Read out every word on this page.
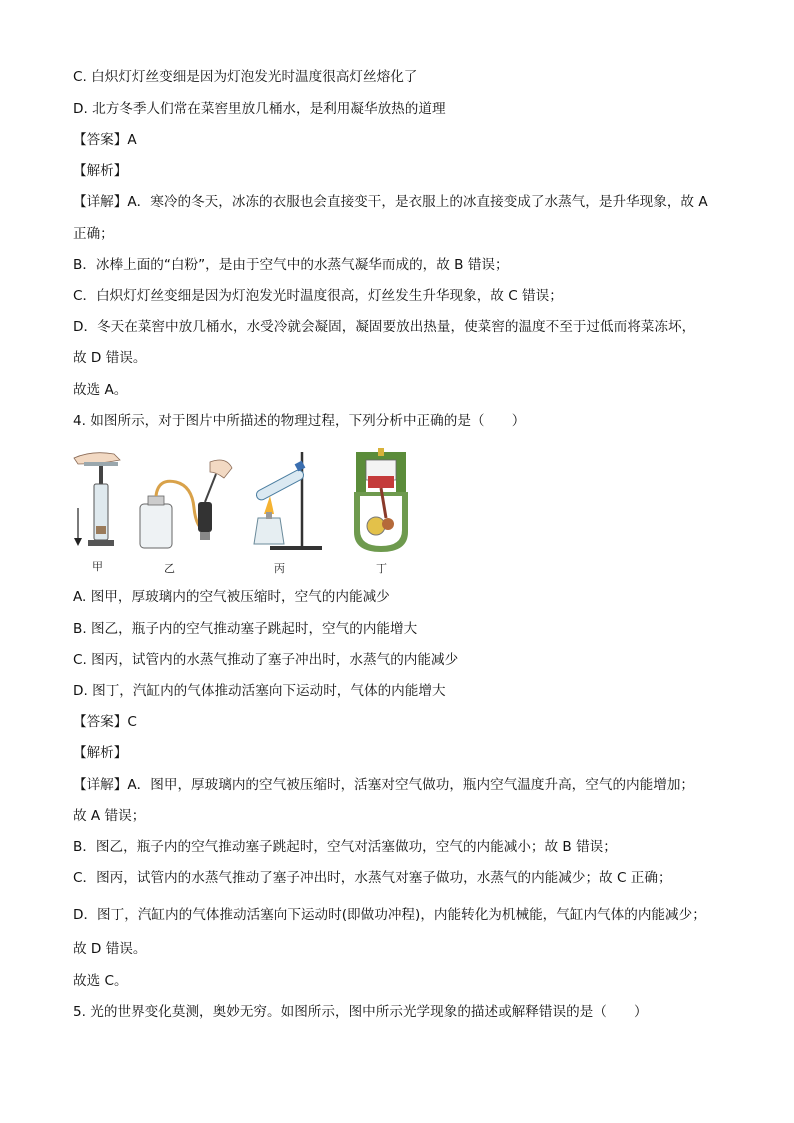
C. 白炽灯灯丝变细是因为灯泡发光时温度很高灯丝熔化了
D. 北方冬季人们常在菜窖里放几桶水，是利用凝华放热的道理
【答案】A
【解析】
【详解】A．寒冷的冬天，冰冻的衣服也会直接变干，是衣服上的冰直接变成了水蒸气，是升华现象，故 A
正确；
B．冰棒上面的“白粉”，是由于空气中的水蒸气凝华而成的，故 B 错误；
C．白炽灯灯丝变细是因为灯泡发光时温度很高，灯丝发生升华现象，故 C 错误；
D．冬天在菜窖中放几桶水，水受冷就会凝固，凝固要放出热量，使菜窖的温度不至于过低而将菜冻坏，
故 D 错误。
故选 A。
4. 如图所示，对于图片中所描述的物理过程，下列分析中正确的是（　　）
甲	乙	丙	丁
A. 图甲，厚玻璃内的空气被压缩时，空气的内能减少
B. 图乙，瓶子内的空气推动塞子跳起时，空气的内能增大
C. 图丙，试管内的水蒸气推动了塞子冲出时，水蒸气的内能减少
D. 图丁，汽缸内的气体推动活塞向下运动时，气体的内能增大
【答案】C
【解析】
【详解】A．图甲，厚玻璃内的空气被压缩时，活塞对空气做功，瓶内空气温度升高，空气的内能增加；
故 A 错误；
B．图乙，瓶子内的空气推动塞子跳起时，空气对活塞做功，空气的内能减小；故 B 错误；
C．图丙，试管内的水蒸气推动了塞子冲出时，水蒸气对塞子做功，水蒸气的内能减少；故 C 正确；
D．图丁，汽缸内的气体推动活塞向下运动时(即做功冲程)，内能转化为机械能，气缸内气体的内能减少；
故 D 错误。
故选 C。
5. 光的世界变化莫测，奥妙无穷。如图所示，图中所示光学现象的描述或解释错误的是（　　）
